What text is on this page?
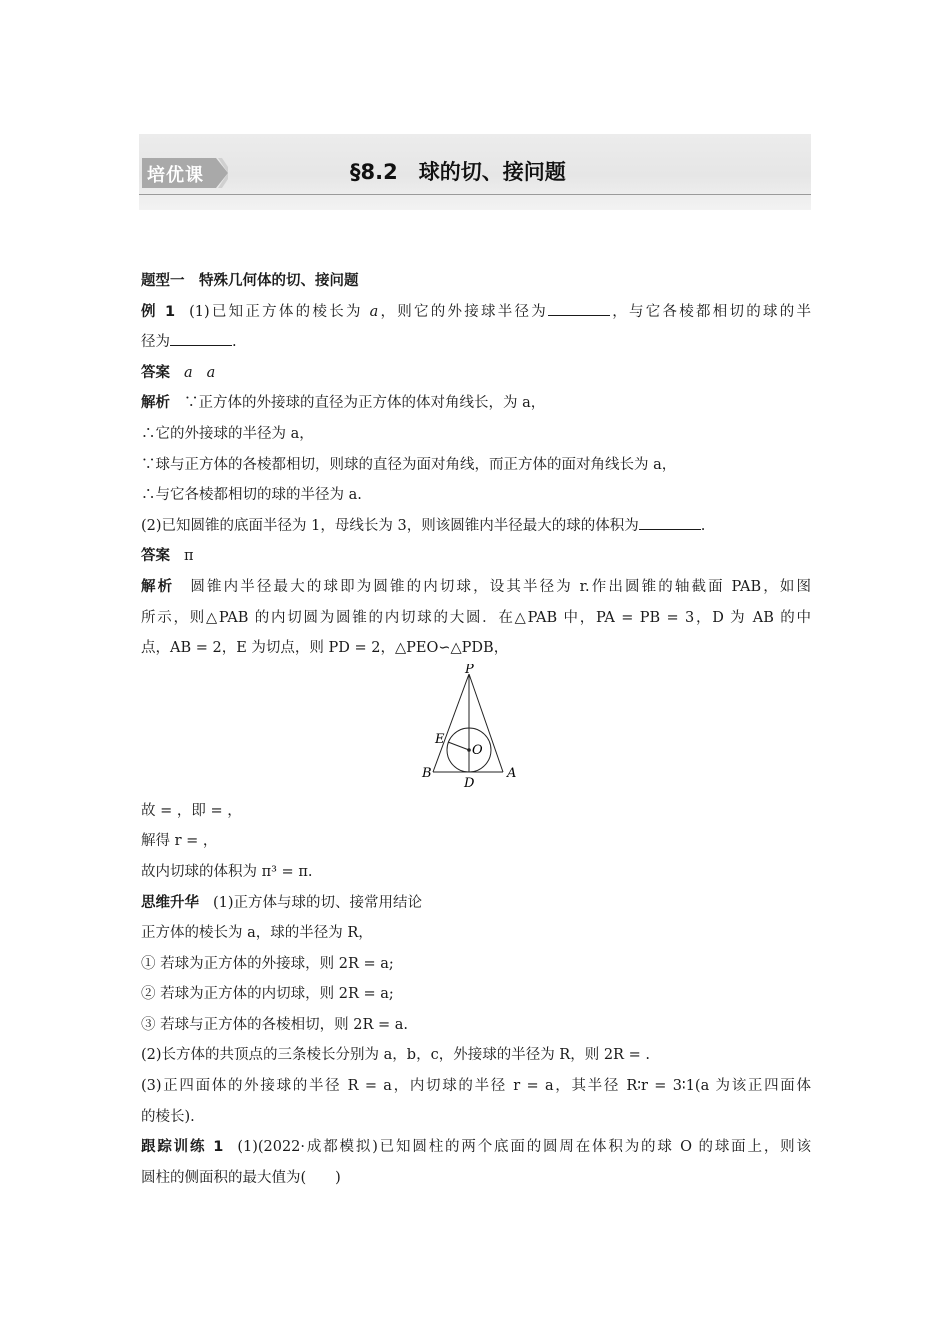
培优课	§8.2　球的切、接问题
题型一　特殊几何体的切、接问题
例 1 (1)已知正方体的棱长为 a，则它的外接球半径为	，与它各棱都相切的球的半
径为	.
答案 a a
解析 ∵正方体的外接球的直径为正方体的体对角线长，为 a，
∴它的外接球的半径为 a，
∵球与正方体的各棱都相切，则球的直径为面对角线，而正方体的面对角线长为 a，
∴与它各棱都相切的球的半径为 a.
(2)已知圆锥的底面半径为 1，母线长为 3，则该圆锥内半径最大的球的体积为	.
答案 π
解析 圆锥内半径最大的球即为圆锥的内切球，设其半径为 r.作出圆锥的轴截面 PAB，如图
所示，则△PAB 的内切圆为圆锥的内切球的大圆．在△PAB 中，PA = PB = 3，D 为 AB 的中
点，AB = 2，E 为切点，则 PD = 2，△PEO∽△PDB，
P
E
O
B
D
A
故 = ，即 = ，
解得 r = ，
故内切球的体积为 π³ = π.
思维升华 (1)正方体与球的切、接常用结论
正方体的棱长为 a，球的半径为 R，
① 若球为正方体的外接球，则 2R = a;
② 若球为正方体的内切球，则 2R = a;
③ 若球与正方体的各棱相切，则 2R = a.
(2)长方体的共顶点的三条棱长分别为 a，b，c，外接球的半径为 R，则 2R = .
(3)正四面体的外接球的半径 R = a，内切球的半径 r = a，其半径 R∶r = 3∶1(a 为该正四面体
的棱长).
跟踪训练 1 (1)(2022·成都模拟)已知圆柱的两个底面的圆周在体积为的球 O 的球面上，则该
圆柱的侧面积的最大值为(　　)
